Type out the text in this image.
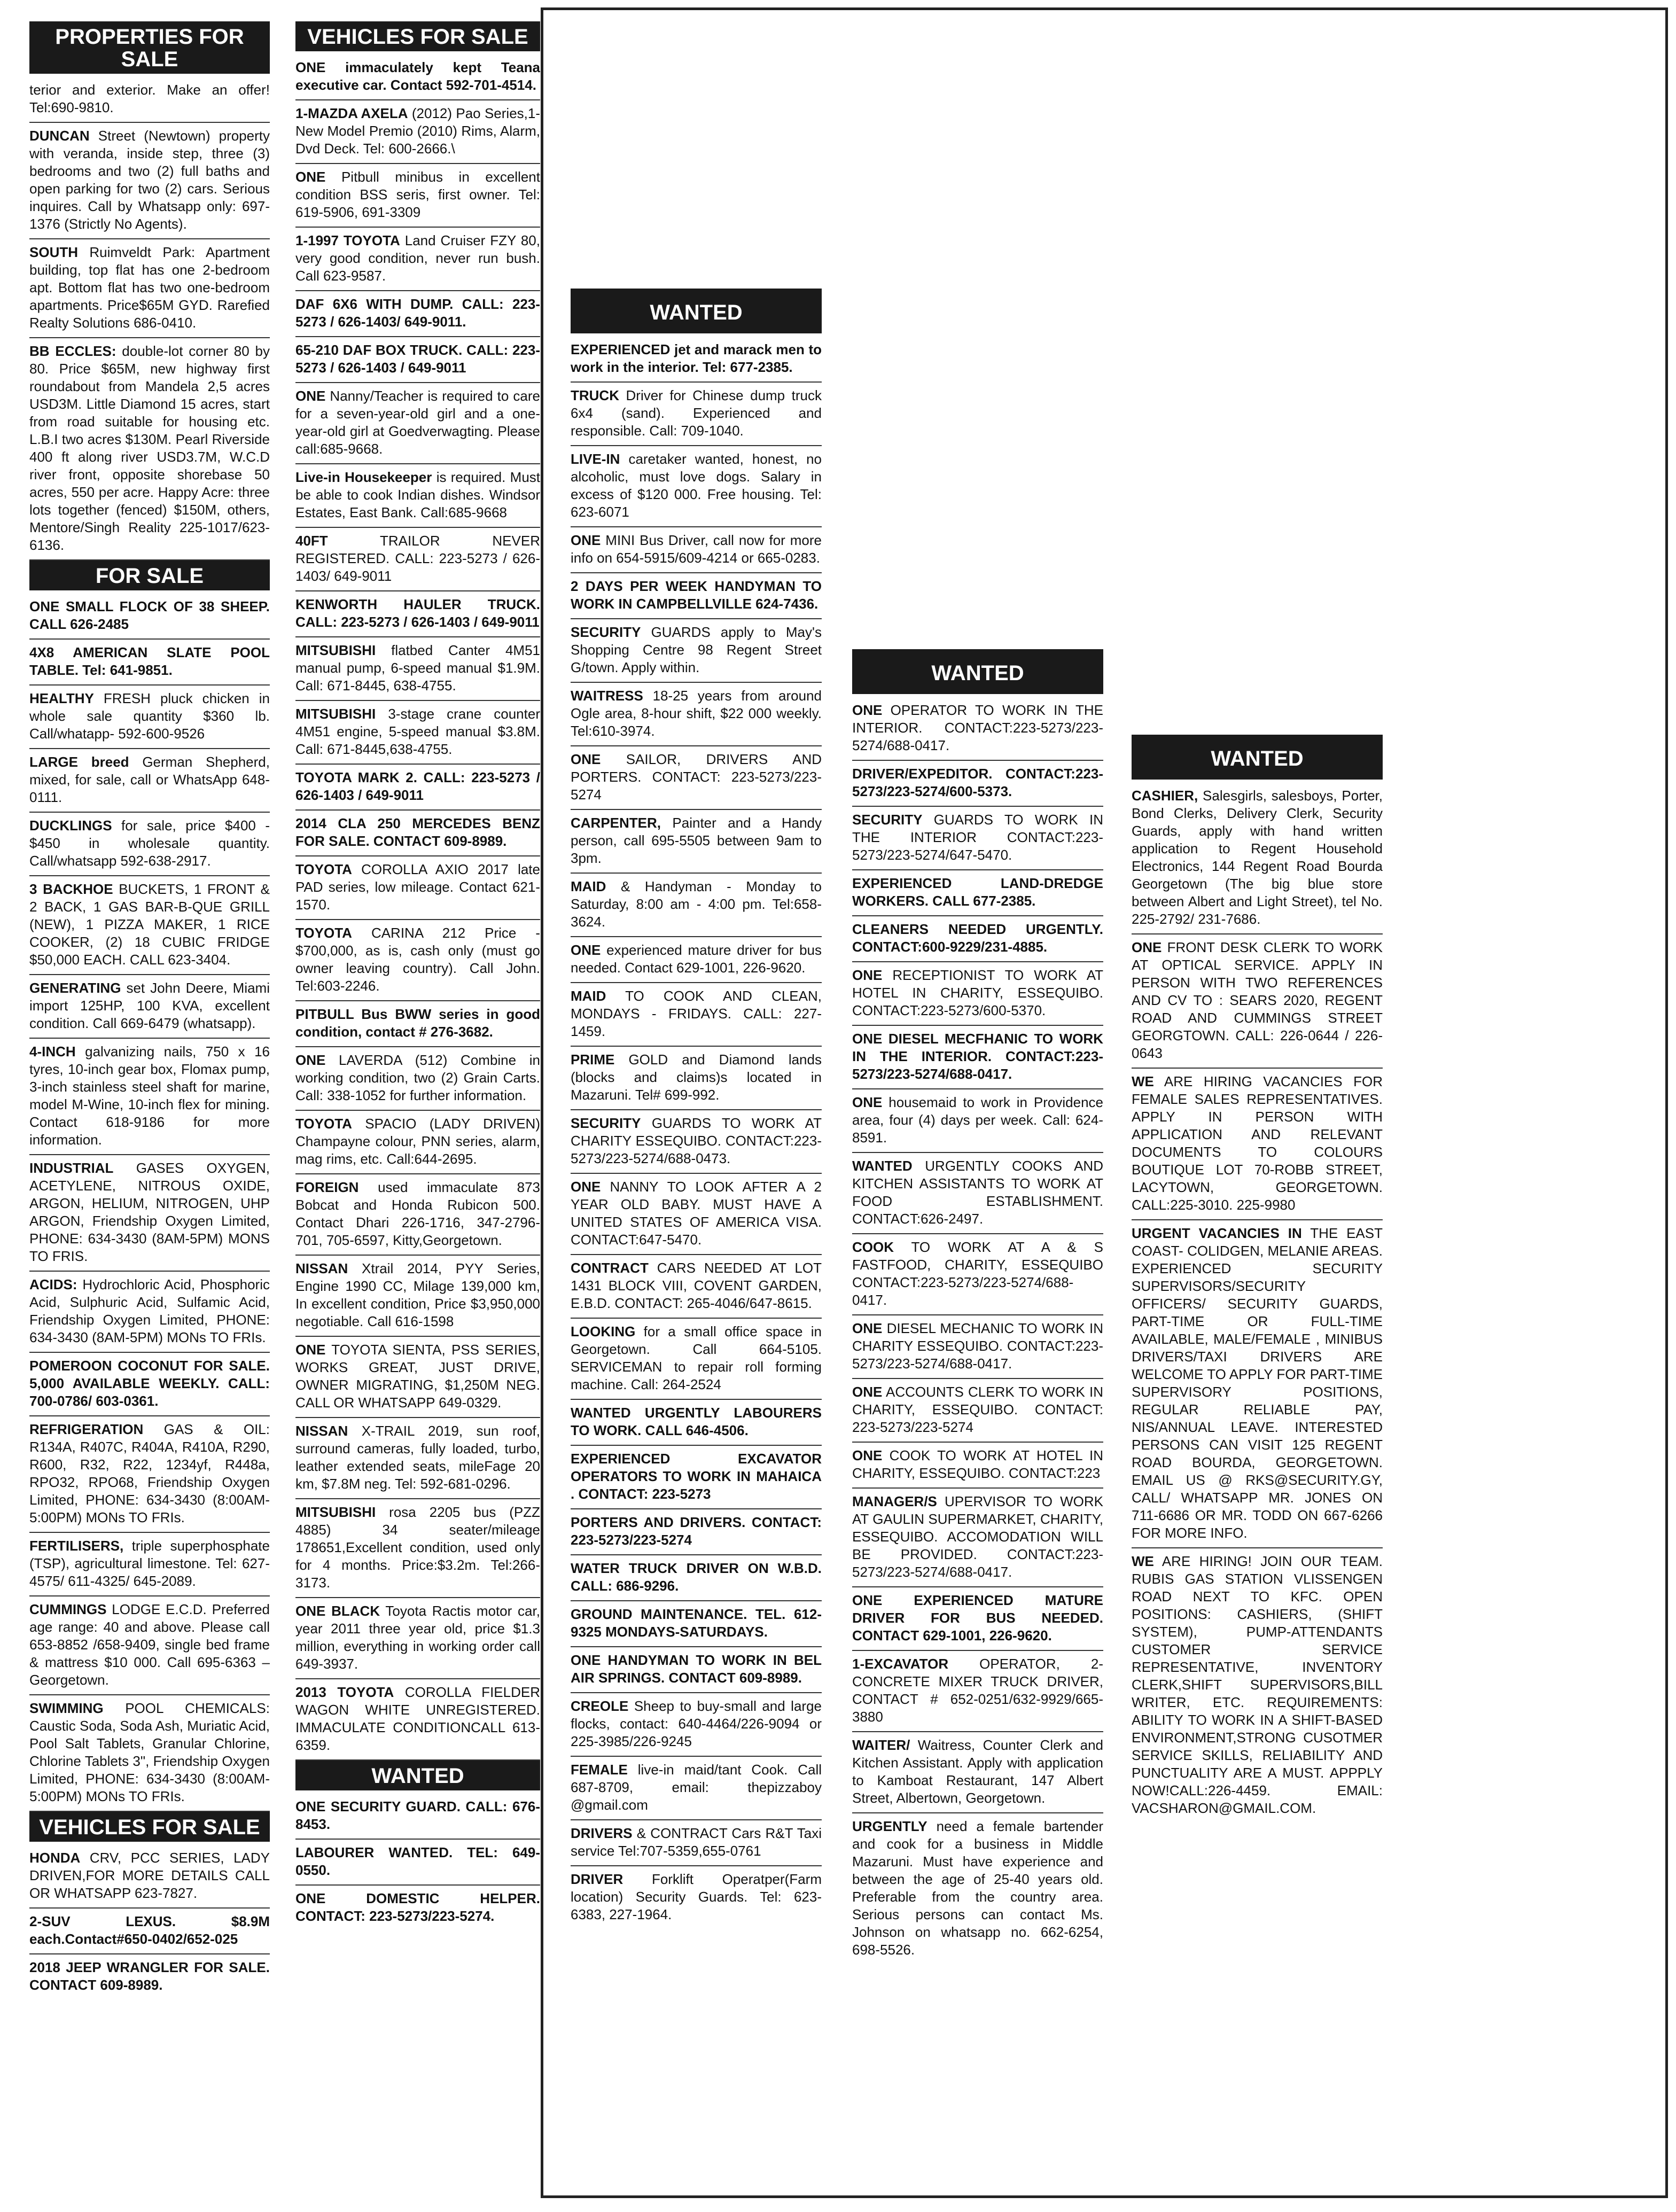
PROPERTIES FOR SALE
terior and exterior. Make an offer! Tel:690-9810.
DUNCAN Street (Newtown) property with veranda, inside step, three (3) bedrooms and two (2) full baths and open parking for two (2) cars. Serious inquires. Call by Whatsapp only: 697-1376 (Strictly No Agents).
SOUTH Ruimveldt Park: Apartment building, top flat has one 2-bedroom apt. Bottom flat has two one-bedroom apartments. Price$65M GYD. Rarefied Realty Solutions 686-0410.
BB ECCLES: double-lot corner 80 by 80. Price $65M, new highway first roundabout from Mandela 2,5 acres USD3M. Little Diamond 15 acres, start from road suitable for housing etc. L.B.I two acres $130M. Pearl Riverside 400 ft along river USD3.7M, W.C.D river front, opposite shorebase 50 acres, 550 per acre. Happy Acre: three lots together (fenced) $150M, others, Mentore/Singh Reality 225-1017/623-6136.
FOR SALE
ONE SMALL FLOCK OF 38 SHEEP. CALL 626-2485
4X8 AMERICAN SLATE POOL TABLE. Tel: 641-9851.
HEALTHY FRESH pluck chicken in whole sale quantity $360 lb. Call/whatapp- 592-600-9526
LARGE breed German Shepherd, mixed, for sale, call or WhatsApp 648-0111.
DUCKLINGS for sale, price $400 - $450 in wholesale quantity. Call/whatsapp 592-638-2917.
3 BACKHOE BUCKETS, 1 FRONT & 2 BACK, 1 GAS BAR-B-QUE GRILL (NEW), 1 PIZZA MAKER, 1 RICE COOKER, (2) 18 CUBIC FRIDGE $50,000 EACH. CALL 623-3404.
GENERATING set John Deere, Miami import 125HP, 100 KVA, excellent condition. Call 669-6479 (whatsapp).
4-INCH galvanizing nails, 750 x 16 tyres, 10-inch gear box, Flomax pump, 3-inch stainless steel shaft for marine, model M-Wine, 10-inch flex for mining. Contact 618-9186 for more information.
INDUSTRIAL GASES OXYGEN, ACETYLENE, NITROUS OXIDE, ARGON, HELIUM, NITROGEN, UHP ARGON, Friendship Oxygen Limited, PHONE: 634-3430 (8AM-5PM) MONS TO FRIS.
ACIDS: Hydrochloric Acid, Phosphoric Acid, Sulphuric Acid, Sulfamic Acid, Friendship Oxygen Limited, PHONE: 634-3430 (8AM-5PM) MONs TO FRIs.
POMEROON COCONUT FOR SALE. 5,000 AVAILABLE WEEKLY. CALL: 700-0786/ 603-0361.
REFRIGERATION GAS & OIL: R134A, R407C, R404A, R410A, R290, R600, R32, R22, 1234yf, R448a, RPO32, RPO68, Friendship Oxygen Limited, PHONE: 634-3430 (8:00AM-5:00PM) MONs TO FRIs.
FERTILISERS, triple superphosphate (TSP), agricultural limestone. Tel: 627-4575/ 611-4325/ 645-2089.
CUMMINGS LODGE E.C.D. Preferred age range: 40 and above. Please call 653-8852 /658-9409, single bed frame & mattress $10 000. Call 695-6363 – Georgetown.
SWIMMING POOL CHEMICALS: Caustic Soda, Soda Ash, Muriatic Acid, Pool Salt Tablets, Granular Chlorine, Chlorine Tablets 3", Friendship Oxygen Limited, PHONE: 634-3430 (8:00AM-5:00PM) MONs TO FRIs.
VEHICLES FOR SALE
HONDA CRV, PCC SERIES, LADY DRIVEN,FOR MORE DETAILS CALL OR WHATSAPP 623-7827.
2-SUV LEXUS. $8.9M each.Contact#650-0402/652-025
2018 JEEP WRANGLER FOR SALE. CONTACT 609-8989.
VEHICLES FOR SALE
ONE immaculately kept Teana executive car. Contact 592-701-4514.
1-MAZDA AXELA (2012) Pao Series,1- New Model Premio (2010) Rims, Alarm, Dvd Deck. Tel: 600-2666.\
ONE Pitbull minibus in excellent condition BSS seris, first owner. Tel: 619-5906, 691-3309
1-1997 TOYOTA Land Cruiser FZY 80, very good condition, never run bush. Call 623-9587.
DAF 6X6 WITH DUMP. CALL: 223-5273 / 626-1403/ 649-9011.
65-210 DAF BOX TRUCK. CALL: 223-5273 / 626-1403 / 649-9011
ONE Nanny/Teacher is required to care for a seven-year-old girl and a one-year-old girl at Goedverwagting. Please call:685-9668.
Live-in Housekeeper is required. Must be able to cook Indian dishes. Windsor Estates, East Bank. Call:685-9668
40FT	TRAILOR NEVER REGISTERED. CALL: 223-5273 / 626-1403/ 649-9011
KENWORTH HAULER TRUCK. CALL: 223-5273 / 626-1403 / 649-9011
MITSUBISHI flatbed Canter 4M51 manual pump, 6-speed manual $1.9M. Call: 671-8445, 638-4755.
MITSUBISHI 3-stage crane counter 4M51 engine, 5-speed manual $3.8M. Call: 671-8445,638-4755.
TOYOTA MARK 2. CALL: 223-5273 / 626-1403 / 649-9011
2014 CLA 250 MERCEDES BENZ FOR SALE. CONTACT 609-8989.
TOYOTA COROLLA AXIO 2017 late PAD series, low mileage. Contact 621-1570.
TOYOTA CARINA 212 Price - $700,000, as is, cash only (must go owner leaving country). Call John. Tel:603-2246.
PITBULL Bus BWW series in good condition, contact # 276-3682.
ONE LAVERDA (512) Combine in working condition, two (2) Grain Carts. Call: 338-1052 for further information.
TOYOTA SPACIO (LADY DRIVEN) Champayne colour, PNN series, alarm, mag rims, etc. Call:644-2695.
FOREIGN used immaculate 873 Bobcat and Honda Rubicon 500. Contact Dhari 226-1716, 347-2796-701, 705-6597, Kitty,Georgetown.
NISSAN Xtrail 2014, PYY Series, Engine 1990 CC, Milage 139,000 km, In excellent condition, Price $3,950,000 negotiable. Call 616-1598
ONE TOYOTA SIENTA, PSS SERIES, WORKS GREAT, JUST DRIVE, OWNER MIGRATING, $1,250M NEG. CALL OR WHATSAPP 649-0329.
NISSAN X-TRAIL 2019, sun roof, surround cameras, fully loaded, turbo, leather extended seats, mileFage 20 km, $7.8M neg. Tel: 592-681-0296.
MITSUBISHI rosa 2205 bus (PZZ 4885) 34 seater/mileage 178651,Excellent condition, used only for 4 months. Price:$3.2m. Tel:266-3173.
ONE BLACK Toyota Ractis motor car, year 2011 three year old, price $1.3 million, everything in working order call 649-3937.
2013 TOYOTA COROLLA FIELDER WAGON WHITE UNREGISTERED. IMMACULATE CONDITIONCALL 613-6359.
WANTED
ONE SECURITY GUARD. CALL: 676-8453.
LABOURER WANTED. TEL: 649-0550.
ONE DOMESTIC HELPER. CONTACT: 223-5273/223-5274.
WANTED
EXPERIENCED jet and marack men to work in the interior. Tel: 677-2385.
TRUCK Driver for Chinese dump truck 6x4 (sand). Experienced and responsible. Call: 709-1040.
LIVE-IN caretaker wanted, honest, no alcoholic, must love dogs. Salary in excess of $120 000. Free housing. Tel: 623-6071
ONE MINI Bus Driver, call now for more info on 654-5915/609-4214 or 665-0283.
2 DAYS PER WEEK HANDYMAN TO WORK IN CAMPBELLVILLE 624-7436.
SECURITY GUARDS apply to May's Shopping Centre 98 Regent Street G/town. Apply within.
WAITRESS 18-25 years from around Ogle area, 8-hour shift, $22 000 weekly. Tel:610-3974.
ONE SAILOR, DRIVERS AND PORTERS. CONTACT: 223-5273/223-5274
CARPENTER, Painter and a Handy person, call 695-5505 between 9am to 3pm.
MAID & Handyman - Monday to Saturday, 8:00 am - 4:00 pm. Tel:658-3624.
ONE experienced mature driver for bus needed. Contact 629-1001, 226-9620.
MAID TO COOK AND CLEAN, MONDAYS - FRIDAYS. CALL: 227-1459.
PRIME GOLD and Diamond lands (blocks and claims)s located in Mazaruni. Tel# 699-992.
SECURITY GUARDS TO WORK AT CHARITY ESSEQUIBO. CONTACT:223-5273/223-5274/688-0473.
ONE NANNY TO LOOK AFTER A 2 YEAR OLD BABY. MUST HAVE A UNITED STATES OF AMERICA VISA. CONTACT:647-5470.
CONTRACT CARS NEEDED AT LOT 1431 BLOCK VIII, COVENT GARDEN, E.B.D. CONTACT: 265-4046/647-8615.
LOOKING for a small office space in Georgetown. Call 664-5105. SERVICEMAN to repair roll forming machine. Call: 264-2524
WANTED URGENTLY LABOURERS TO WORK. CALL 646-4506.
EXPERIENCED EXCAVATOR OPERATORS TO WORK IN MAHAICA . CONTACT: 223-5273
PORTERS AND DRIVERS. CONTACT: 223-5273/223-5274
WATER TRUCK DRIVER ON W.B.D. CALL: 686-9296.
GROUND MAINTENANCE. TEL. 612-9325 MONDAYS-SATURDAYS.
ONE HANDYMAN TO WORK IN BEL AIR SPRINGS. CONTACT 609-8989.
CREOLE Sheep to buy-small and large flocks, contact: 640-4464/226-9094 or 225-3985/226-9245
FEMALE live-in maid/tant Cook. Call 687-8709, email: thepizzaboy @gmail.com
DRIVERS & CONTRACT Cars R&T Taxi service Tel:707-5359,655-0761
DRIVER Forklift Operatper(Farm location) Security Guards. Tel: 623-6383, 227-1964.
WANTED
ONE OPERATOR TO WORK IN THE INTERIOR. CONTACT:223-5273/223-5274/688-0417.
DRIVER/EXPEDITOR. CONTACT:223-5273/223-5274/600-5373.
SECURITY GUARDS TO WORK IN THE INTERIOR CONTACT:223-5273/223-5274/647-5470.
EXPERIENCED LAND-DREDGE WORKERS. CALL 677-2385.
CLEANERS NEEDED URGENTLY. CONTACT:600-9229/231-4885.
ONE RECEPTIONIST TO WORK AT HOTEL IN CHARITY, ESSEQUIBO. CONTACT:223-5273/600-5370.
ONE DIESEL MECFHANIC TO WORK IN THE INTERIOR. CONTACT:223-5273/223-5274/688-0417.
ONE housemaid to work in Providence area, four (4) days per week. Call: 624-8591.
WANTED URGENTLY COOKS AND KITCHEN ASSISTANTS TO WORK AT FOOD ESTABLISHMENT. CONTACT:626-2497.
COOK TO WORK AT A & S FASTFOOD, CHARITY, ESSEQUIBO CONTACT:223-5273/223-5274/688-0417.
ONE DIESEL MECHANIC TO WORK IN CHARITY ESSEQUIBO. CONTACT:223-5273/223-5274/688-0417.
ONE ACCOUNTS CLERK TO WORK IN CHARITY, ESSEQUIBO. CONTACT: 223-5273/223-5274
ONE COOK TO WORK AT HOTEL IN CHARITY, ESSEQUIBO. CONTACT:223
MANAGER/S UPERVISOR TO WORK AT GAULIN SUPERMARKET, CHARITY, ESSEQUIBO. ACCOMODATION WILL BE PROVIDED. CONTACT:223-5273/223-5274/688-0417.
ONE EXPERIENCED MATURE DRIVER FOR BUS NEEDED. CONTACT 629-1001, 226-9620.
1-EXCAVATOR OPERATOR, 2- CONCRETE MIXER TRUCK DRIVER, CONTACT # 652-0251/632-9929/665-3880
WAITER/ Waitress, Counter Clerk and Kitchen Assistant. Apply with application to Kamboat Restaurant, 147 Albert Street, Albertown, Georgetown.
URGENTLY need a female bartender and cook for a business in Middle Mazaruni. Must have experience and between the age of 25-40 years old. Preferable from the country area. Serious persons can contact Ms. Johnson on whatsapp no. 662-6254, 698-5526.
WANTED
CASHIER, Salesgirls, salesboys, Porter, Bond Clerks, Delivery Clerk, Security Guards, apply with hand written application to Regent Household Electronics, 144 Regent Road Bourda Georgetown (The big blue store between Albert and Light Street), tel No. 225-2792/ 231-7686.
ONE FRONT DESK CLERK TO WORK AT OPTICAL SERVICE. APPLY IN PERSON WITH TWO REFERENCES AND CV TO : SEARS 2020, REGENT ROAD AND CUMMINGS STREET GEORGTOWN. CALL: 226-0644 / 226-0643
WE ARE HIRING VACANCIES FOR FEMALE SALES REPRESENTATIVES. APPLY IN PERSON WITH APPLICATION AND RELEVANT DOCUMENTS TO COLOURS BOUTIQUE LOT 70-ROBB STREET, LACYTOWN, GEORGETOWN. CALL:225-3010. 225-9980
URGENT VACANCIES IN THE EAST COAST- COLIDGEN, MELANIE AREAS. EXPERIENCED SECURITY SUPERVISORS/SECURITY OFFICERS/ SECURITY GUARDS, PART-TIME OR FULL-TIME AVAILABLE, MALE/FEMALE , MINIBUS DRIVERS/TAXI DRIVERS ARE WELCOME TO APPLY FOR PART-TIME SUPERVISORY POSITIONS, REGULAR RELIABLE PAY, NIS/ANNUAL LEAVE. INTERESTED PERSONS CAN VISIT 125 REGENT ROAD BOURDA, GEORGETOWN. EMAIL US @ RKS@SECURITY.GY, CALL/ WHATSAPP MR. JONES ON 711-6686 OR MR. TODD ON 667-6266 FOR MORE INFO.
WE ARE HIRING! JOIN OUR TEAM. RUBIS GAS STATION VLISSENGEN ROAD NEXT TO KFC. OPEN POSITIONS: CASHIERS, (SHIFT SYSTEM), PUMP-ATTENDANTS CUSTOMER SERVICE REPRESENTATIVE, INVENTORY CLERK,SHIFT SUPERVISORS,BILL WRITER, ETC. REQUIREMENTS: ABILITY TO WORK IN A SHIFT-BASED ENVIRONMENT,STRONG CUSOTMER SERVICE SKILLS, RELIABILITY AND PUNCTUALITY ARE A MUST. APPPLY NOW!CALL:226-4459. EMAIL: VACSHARON@GMAIL.COM.
